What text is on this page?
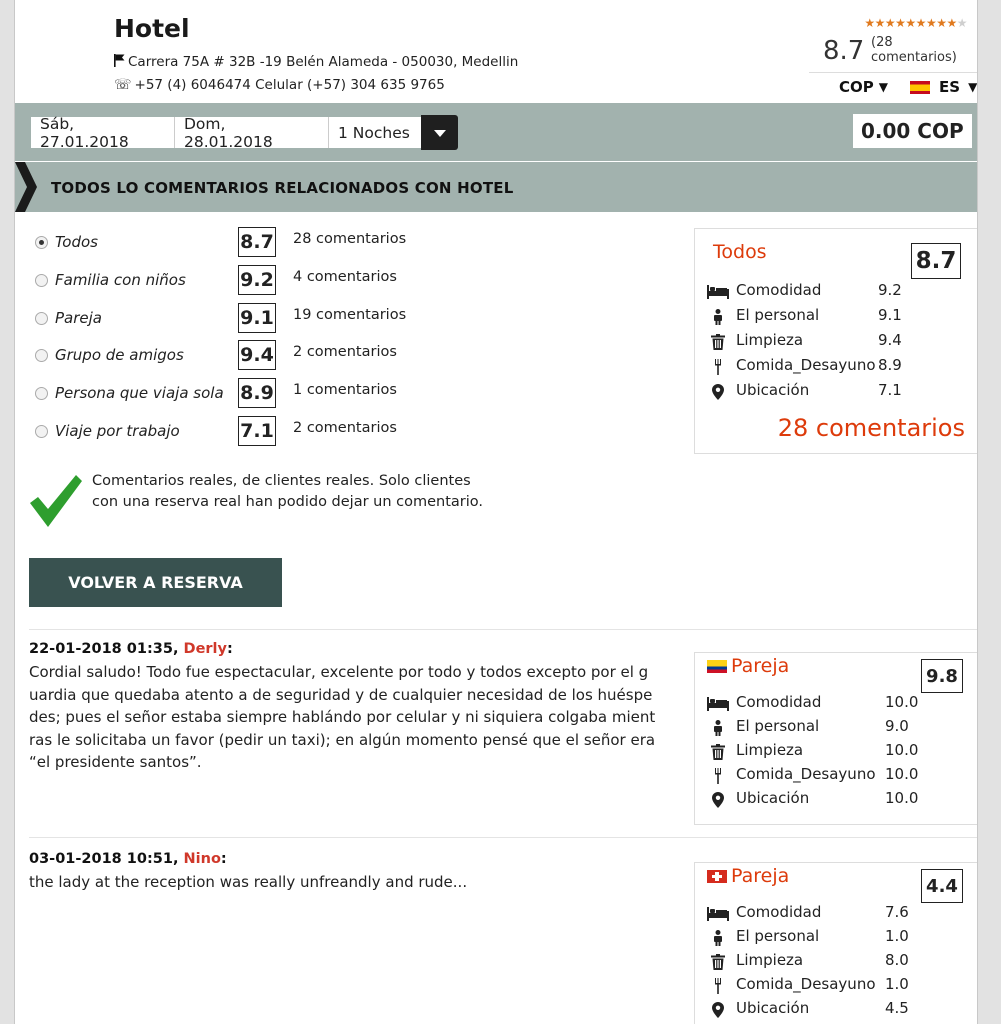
Hotel
Carrera 75A # 32B -19 Belén Alameda - 050030, Medellin
☏ +57 (4) 6046474 Celular (+57) 304 635 9765
★★★★★★★★★★
8.7 (28 comentarios)
COP ▼	ES ▼
Sáb, 27.01.2018
Dom, 28.01.2018	1 Noches	0.00 COP
TODOS LO COMENTARIOS RELACIONADOS CON HOTEL
Todos	8.7 28 comentarios
Familia con niños	9.2 4 comentarios
Pareja	9.1 19 comentarios
Grupo de amigos	9.4 2 comentarios
Persona que viaja sola 8.9 1 comentarios
Viaje por trabajo	7.1 2 comentarios
Todos	8.7
Comodidad	9.2
El personal	9.1
Limpieza	9.4
Comida_Desayuno 8.9
Ubicación	7.1
28 comentarios
Comentarios reales, de clientes reales. Solo clientes con una reserva real han podido dejar un comentario.
VOLVER A RESERVA
22-01-2018 01:35, Derly:
Cordial saludo! Todo fue espectacular, excelente por todo y todos excepto por el g uardia que quedaba atento a de seguridad y de cualquier necesidad de los huéspe des; pues el señor estaba siempre hablándo por celular y ni siquiera colgaba mient ras le solicitaba un favor (pedir un taxi); en algún momento pensé que el señor era “el presidente santos”.
Pareja	9.8
Comodidad	10.0
El personal	9.0
Limpieza	10.0
Comida_Desayuno 10.0
Ubicación	10.0
03-01-2018 10:51, Nino:
the lady at the reception was really unfreandly and rude...	Pareja	4.4
Comodidad	7.6
El personal	1.0
Limpieza	8.0
Comida_Desayuno 1.0
Ubicación	4.5
